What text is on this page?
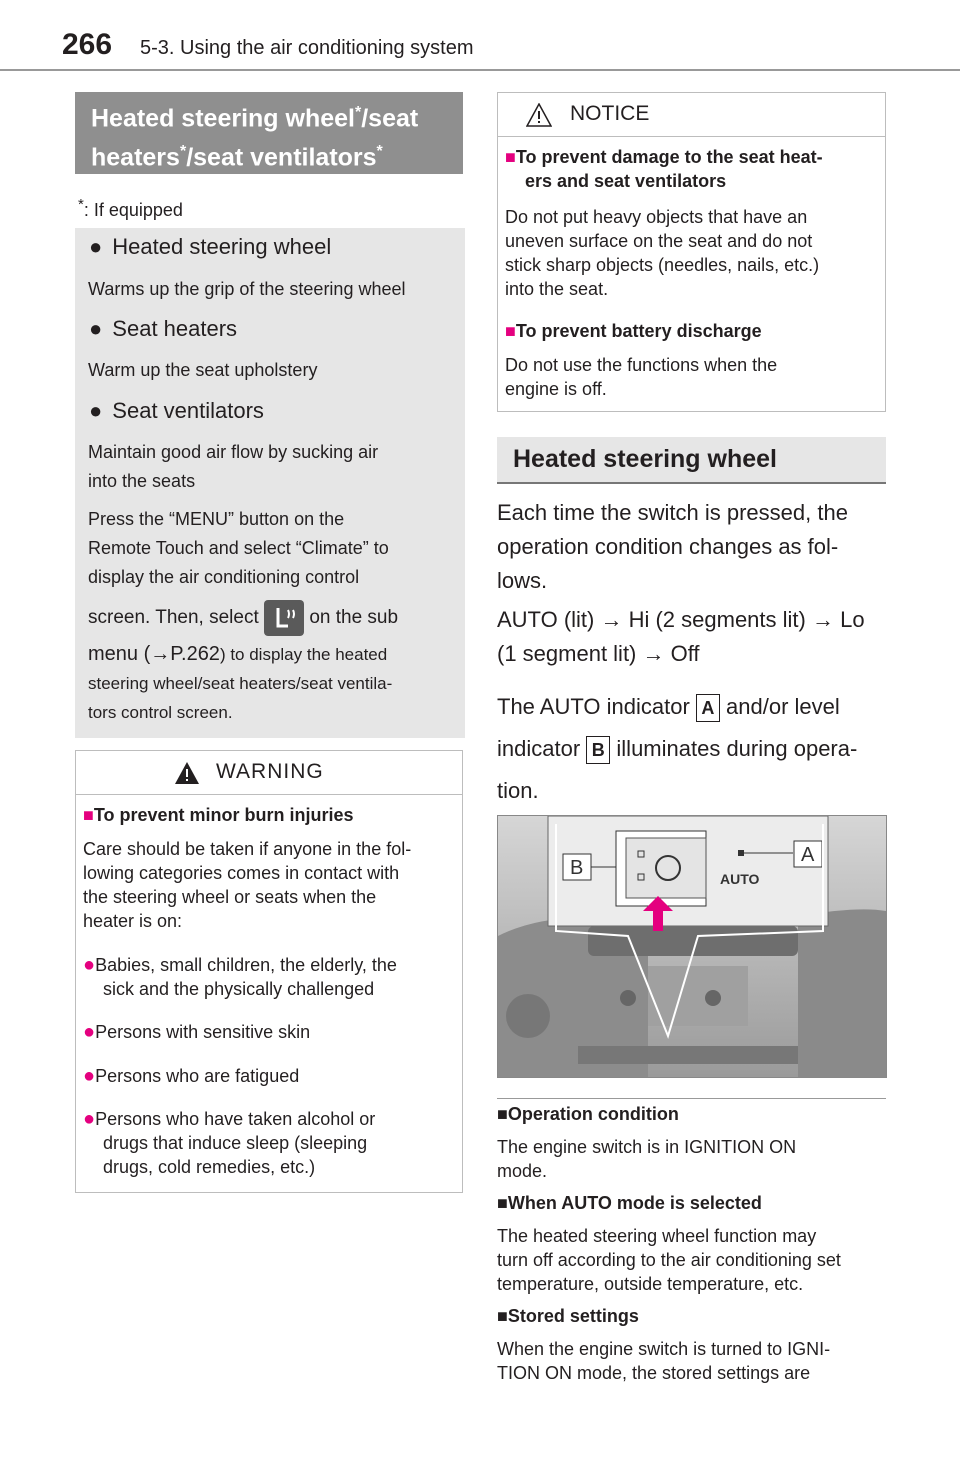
266 5-3. Using the air conditioning system
Heated steering wheel*/seat
heaters*/seat ventilators*
*: If equipped
● Heated steering wheel
Warms up the grip of the steering wheel
● Seat heaters
Warm up the seat upholstery
● Seat ventilators
Maintain good air flow by sucking air
into the seats
Press the “MENU” button on the
Remote Touch and select “Climate” to
display the air conditioning control
screen. Then, select	on the sub
menu (→P.262) to display the heated
steering wheel/seat heaters/seat ventila-
tors control screen.
WARNING
■To prevent minor burn injuries
Care should be taken if anyone in the fol-
lowing categories comes in contact with
the steering wheel or seats when the
heater is on:
●Babies, small children, the elderly, the
sick and the physically challenged
●Persons with sensitive skin
●Persons who are fatigued
●Persons who have taken alcohol or
drugs that induce sleep (sleeping
drugs, cold remedies, etc.)
NOTICE
■To prevent damage to the seat heat-
ers and seat ventilators
Do not put heavy objects that have an
uneven surface on the seat and do not
stick sharp objects (needles, nails, etc.)
into the seat.
■To prevent battery discharge
Do not use the functions when the
engine is off.
Heated steering wheel
Each time the switch is pressed, the
operation condition changes as fol-
lows.
AUTO (lit) → Hi (2 segments lit) → Lo
(1 segment lit) → Off
The AUTO indicator A and/or level
indicator B illuminates during opera-
tion.
AUTO
A
B
■Operation condition
The engine switch is in IGNITION ON
mode.
■When AUTO mode is selected
The heated steering wheel function may
turn off according to the air conditioning set
temperature, outside temperature, etc.
■Stored settings
When the engine switch is turned to IGNI-
TION ON mode, the stored settings are
